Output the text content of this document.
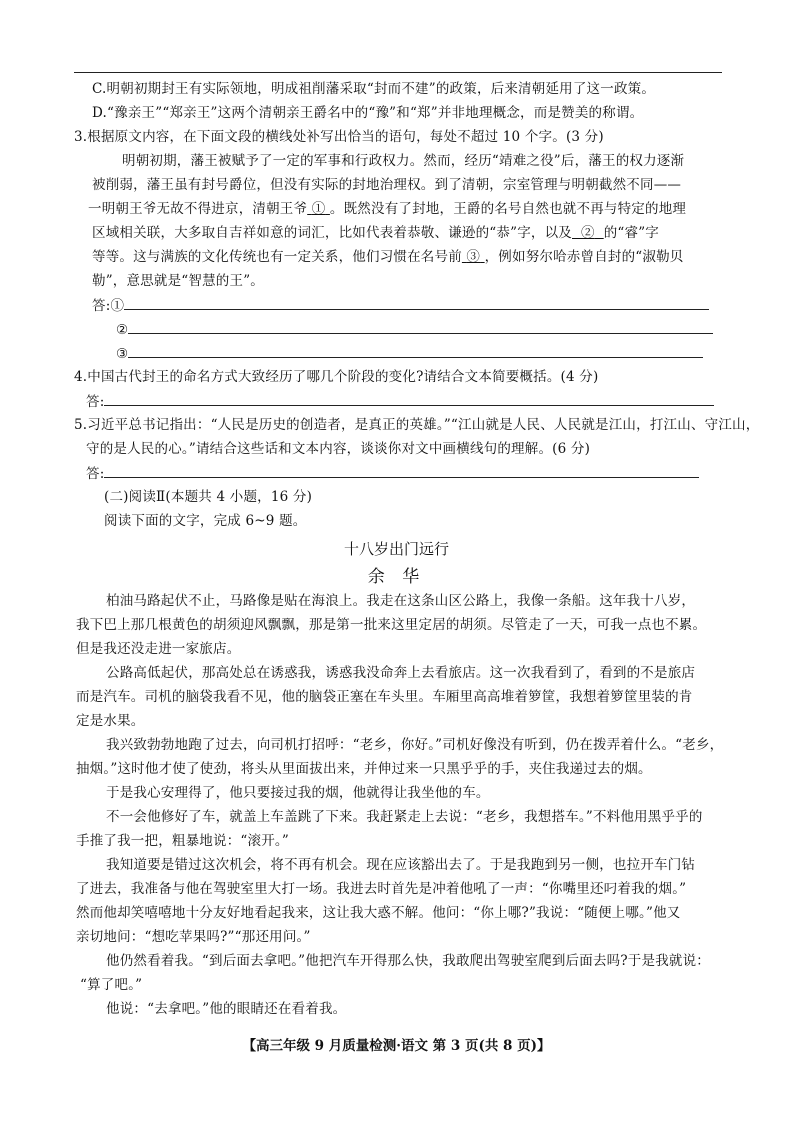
C.明朝初期封王有实际领地，明成祖削藩采取“封而不建”的政策，后来清朝延用了这一政策。
D.“豫亲王”“郑亲王”这两个清朝亲王爵名中的“豫”和“郑”并非地理概念，而是赞美的称谓。
3.根据原文内容，在下面文段的横线处补写出恰当的语句，每处不超过 10 个字。(3 分)
明朝初期，藩王被赋予了一定的军事和行政权力。然而，经历“靖难之役”后，藩王的权力逐渐
被削弱，藩王虽有封号爵位，但没有实际的封地治理权。到了清朝，宗室管理与明朝截然不同——
一明朝王爷无故不得进京，清朝王爷 ① 。既然没有了封地，王爵的名号自然也就不再与特定的地理
区域相关联，大多取自吉祥如意的词汇，比如代表着恭敬、谦逊的“恭”字，以及 ② 的“睿”字
等等。这与满族的文化传统也有一定关系，他们习惯在名号前 ③ ，例如努尔哈赤曾自封的“淑勒贝
勒”，意思就是“智慧的王”。
答:①
②
③
4.中国古代封王的命名方式大致经历了哪几个阶段的变化?请结合文本简要概括。(4 分)
答:
5.习近平总书记指出：“人民是历史的创造者，是真正的英雄。”“江山就是人民、人民就是江山，打江山、守江山，
守的是人民的心。”请结合这些话和文本内容，谈谈你对文中画横线句的理解。(6 分)
答:
(二)阅读Ⅱ(本题共 4 小题，16 分)
阅读下面的文字，完成 6~9 题。
十八岁出门远行
余 华
柏油马路起伏不止，马路像是贴在海浪上。我走在这条山区公路上，我像一条船。这年我十八岁，
我下巴上那几根黄色的胡须迎风飘飘，那是第一批来这里定居的胡须。尽管走了一天，可我一点也不累。
但是我还没走进一家旅店。
公路高低起伏，那高处总在诱惑我，诱惑我没命奔上去看旅店。这一次我看到了，看到的不是旅店
而是汽车。司机的脑袋我看不见，他的脑袋正塞在车头里。车厢里高高堆着箩筐，我想着箩筐里装的肯
定是水果。
我兴致勃勃地跑了过去，向司机打招呼：“老乡，你好。”司机好像没有听到，仍在拨弄着什么。“老乡，
抽烟。”这时他才使了使劲，将头从里面拔出来，并伸过来一只黑乎乎的手，夹住我递过去的烟。
于是我心安理得了，他只要接过我的烟，他就得让我坐他的车。
不一会他修好了车，就盖上车盖跳了下来。我赶紧走上去说：“老乡，我想搭车。”不料他用黑乎乎的
手推了我一把，粗暴地说：“滚开。”
我知道要是错过这次机会，将不再有机会。现在应该豁出去了。于是我跑到另一侧，也拉开车门钻
了进去，我准备与他在驾驶室里大打一场。我进去时首先是冲着他吼了一声：“你嘴里还叼着我的烟。”
然而他却笑嘻嘻地十分友好地看起我来，这让我大惑不解。他问：“你上哪?”我说：“随便上哪。”他又
亲切地问：“想吃苹果吗?”“那还用问。”
他仍然看着我。“到后面去拿吧。”他把汽车开得那么快，我敢爬出驾驶室爬到后面去吗?于是我就说：
“算了吧。”
他说：“去拿吧。”他的眼睛还在看着我。
【高三年级 9 月质量检测·语文 第 3 页(共 8 页)】
